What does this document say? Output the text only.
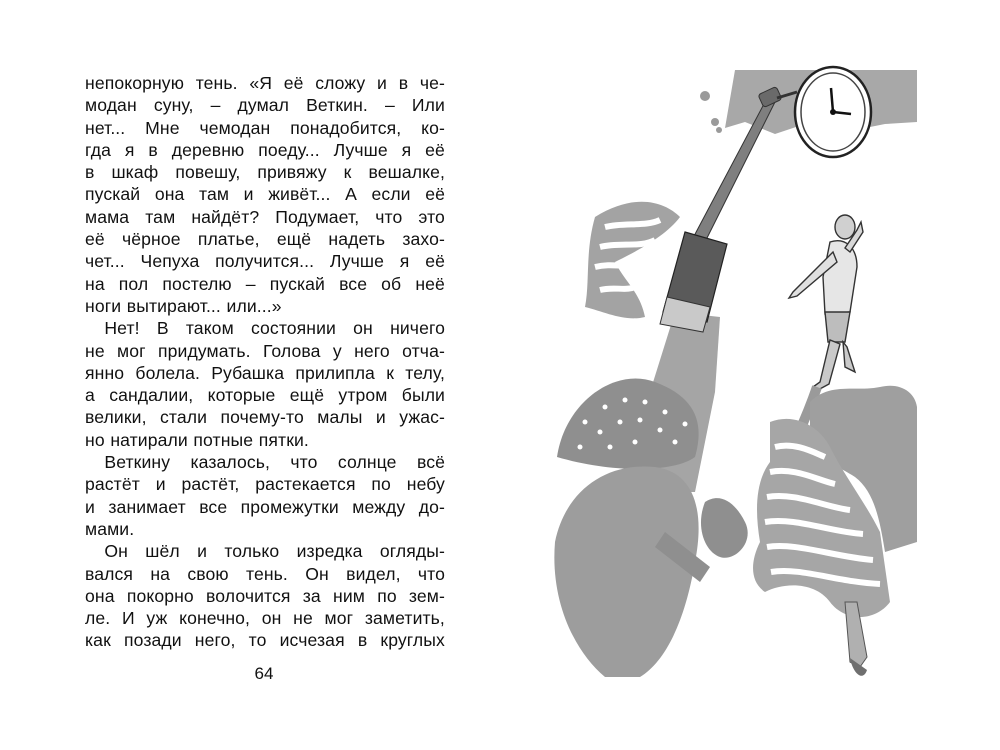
непокорную тень. «Я её сложу и в че-
модан суну, – думал Веткин. – Или
нет... Мне чемодан понадобится, ко-
гда я в деревню поеду... Лучше я её
в шкаф повешу, привяжу к вешалке,
пускай она там и живёт... А если её
мама там найдёт? Подумает, что это
её чёрное платье, ещё надеть захо-
чет... Чепуха получится... Лучше я её
на пол постелю – пускай все об неё
ноги вытирают... или...»
Нет! В таком состоянии он ничего
не мог придумать. Голова у него отча-
янно болела. Рубашка прилипла к телу,
а сандалии, которые ещё утром были
велики, стали почему-то малы и ужас-
но натирали потные пятки.
Веткину казалось, что солнце всё
растёт и растёт, растекается по небу
и занимает все промежутки между до-
мами.
Он шёл и только изредка огляды-
вался на свою тень. Он видел, что
она покорно волочится за ним по зем-
ле. И уж конечно, он не мог заметить,
как позади него, то исчезая в круглых
64
